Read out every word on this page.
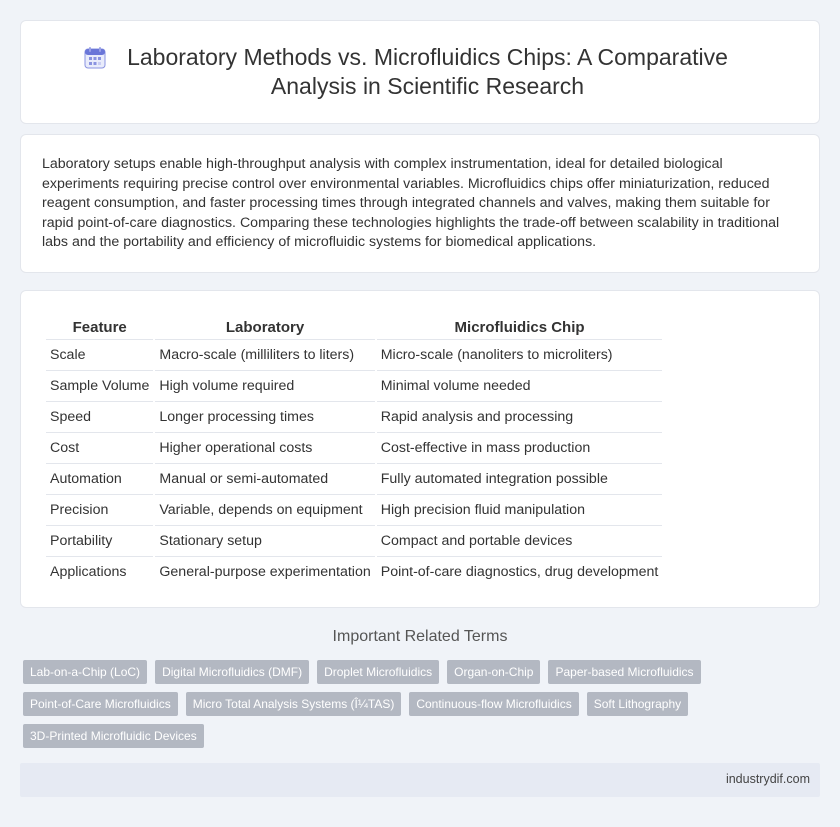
Laboratory Methods vs. Microfluidics Chips: A Comparative Analysis in Scientific Research

Laboratory setups enable high-throughput analysis with complex instrumentation, ideal for detailed biological experiments requiring precise control over environmental variables. Microfluidics chips offer miniaturization, reduced reagent consumption, and faster processing times through integrated channels and valves, making them suitable for rapid point-of-care diagnostics. Comparing these technologies highlights the trade-off between scalability in traditional labs and the portability and efficiency of microfluidic systems for biomedical applications.

Feature	Laboratory	Microfluidics Chip
Scale	Macro-scale (milliliters to liters)	Micro-scale (nanoliters to microliters)
Sample Volume	High volume required	Minimal volume needed
Speed	Longer processing times	Rapid analysis and processing
Cost	Higher operational costs	Cost-effective in mass production
Automation	Manual or semi-automated	Fully automated integration possible
Precision	Variable, depends on equipment	High precision fluid manipulation
Portability	Stationary setup	Compact and portable devices
Applications	General-purpose experimentation	Point-of-care diagnostics, drug development
Important Related Terms
Lab-on-a-Chip (LoC)	Digital Microfluidics (DMF)	Droplet Microfluidics	Organ-on-Chip	Paper-based Microfluidics
Point-of-Care Microfluidics	Micro Total Analysis Systems (Î¼TAS)	Continuous-flow Microfluidics	Soft Lithography
3D-Printed Microfluidic Devices
industrydif.com
